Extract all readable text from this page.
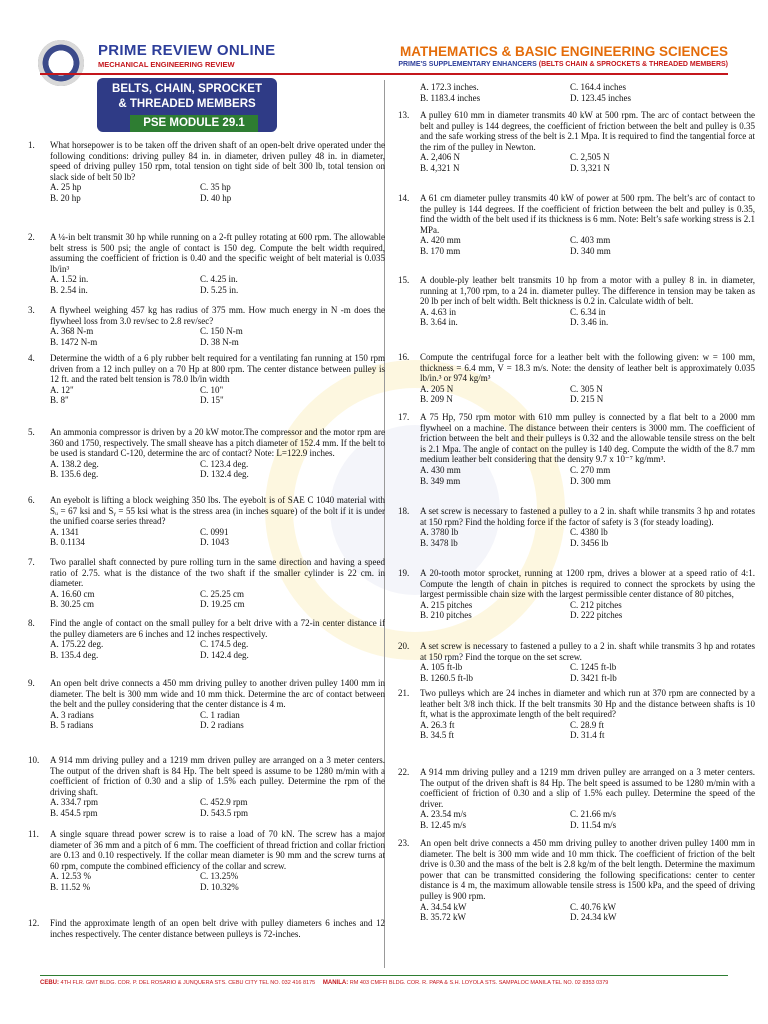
PRIME REVIEW ONLINE
MECHANICAL ENGINEERING REVIEW
MATHEMATICS & BASIC ENGINEERING SCIENCES
PRIME'S SUPPLEMENTARY ENHANCERS (BELTS CHAIN & SPROCKETS & THREADED MEMBERS)
BELTS, CHAIN, SPROCKET
& THREADED MEMBERS
PSE MODULE 29.1
1. What horsepower is to be taken off the driven shaft of an open-belt drive operated under the following conditions: driving pulley 84 in. in diameter, driven pulley 48 in. in diameter, speed of driving pulley 150 rpm, total tension on tight side of belt 300 lb, total tension on slack side of belt 50 lb?
A. 25 hp	C. 35 hp
B. 20 hp	D. 40 hp
2. A ¼-in belt transmit 30 hp while running on a 2-ft pulley rotating at 600 rpm. The allowable belt stress is 500 psi; the angle of contact is 150 deg. Compute the belt width required, assuming the coefficient of friction is 0.40 and the specific weight of belt material is 0.035 lb/in³
A. 1.52 in.	C. 4.25 in.
B. 2.54 in.	D. 5.25 in.
3. A flywheel weighing 457 kg has radius of 375 mm. How much energy in N -m does the flywheel loss from 3.0 rev/sec to 2.8 rev/sec?
A. 368 N-m	C. 150 N-m
B. 1472 N-m	D. 38 N-m
4. Determine the width of a 6 ply rubber belt required for a ventilating fan running at 150 rpm driven from a 12 inch pulley on a 70 Hp at 800 rpm. The center distance between pulley is 12 ft. and the rated belt tension is 78.0 lb/in width
A. 12"	C. 10"
B. 8"	D. 15"
5. An ammonia compressor is driven by a 20 kW motor.The compressor and the motor rpm are 360 and 1750, respectively. The small sheave has a pitch diameter of 152.4 mm. If the belt to be used is standard C-120, determine the arc of contact? Note: L=122.9 inches.
A. 138.2 deg.	C. 123.4 deg.
B. 135.6 deg.	D. 132.4 deg.
6. An eyebolt is lifting a block weighing 350 lbs. The eyebolt is of SAE C 1040 material with Sᵤ = 67 ksi and Sᵧ = 55 ksi what is the stress area (in inches square) of the bolt if it is under the unified coarse series thread?
A. 1341	C. 0991
B. 0.1134	D. 1043
7. Two parallel shaft connected by pure rolling turn in the same direction and having a speed ratio of 2.75. what is the distance of the two shaft if the smaller cylinder is 22 cm. in diameter.
A. 16.60 cm	C. 25.25 cm
B. 30.25 cm	D. 19.25 cm
8. Find the angle of contact on the small pulley for a belt drive with a 72-in center distance if the pulley diameters are 6 inches and 12 inches respectively.
A. 175.22 deg.	C. 174.5 deg.
B. 135.4 deg.	D. 142.4 deg.
9. An open belt drive connects a 450 mm driving pulley to another driven pulley 1400 mm in diameter. The belt is 300 mm wide and 10 mm thick. Determine the arc of contact between the belt and the pulley considering that the center distance is 4 m.
A. 3 radians	C. 1 radian
B. 5 radians	D. 2 radians
10. A 914 mm driving pulley and a 1219 mm driven pulley are arranged on a 3 meter centers. The output of the driven shaft is 84 Hp. The belt speed is assume to be 1280 m/min with a coefficient of friction of 0.30 and a slip of 1.5% each pulley. Determine the rpm of the driving shaft.
A. 334.7 rpm	C. 452.9 rpm
B. 454.5 rpm	D. 543.5 rpm
11. A single square thread power screw is to raise a load of 70 kN. The screw has a major diameter of 36 mm and a pitch of 6 mm. The coefficient of thread friction and collar friction are 0.13 and 0.10 respectively. If the collar mean diameter is 90 mm and the screw turns at 60 rpm, compute the combined efficiency of the collar and screw.
A. 12.53 %	C. 13.25%
B. 11.52 %	D. 10.32%
12. Find the approximate length of an open belt drive with pulley diameters 6 inches and 12 inches respectively. The center distance between pulleys is 72-inches.
A. 172.3 inches.	C. 164.4 inches
B. 1183.4 inches	D. 123.45 inches
13. A pulley 610 mm in diameter transmits 40 kW at 500 rpm. The arc of contact between the belt and pulley is 144 degrees, the coefficient of friction between the belt and pulley is 0.35 and the safe working stress of the belt is 2.1 Mpa. It is required to find the tangential force at the rim of the pulley in Newton.
A. 2,406 N	C. 2,505 N
B. 4,321 N	D. 3,321 N
14. A 61 cm diameter pulley transmits 40 kW of power at 500 rpm. The belt’s arc of contact to the pulley is 144 degrees. If the coefficient of friction between the belt and pulley is 0.35, find the width of the belt used if its thickness is 6 mm. Note: Belt’s safe working stress is 2.1 MPa.
A. 420 mm	C. 403 mm
B. 170 mm	D. 340 mm
15. A double-ply leather belt transmits 10 hp from a motor with a pulley 8 in. in diameter, running at 1,700 rpm, to a 24 in. diameter pulley. The difference in tension may be taken as 20 lb per inch of belt width. Belt thickness is 0.2 in. Calculate width of belt.
A. 4.63 in	C. 6.34 in
B. 3.64 in.	D. 3.46 in.
16. Compute the centrifugal force for a leather belt with the following given: w = 100 mm, thickness = 6.4 mm, V = 18.3 m/s. Note: the density of leather belt is approximately 0.035 lb/in.³ or 974 kg/m³
A. 205 N	C. 305 N
B. 209 N	D. 215 N
17. A 75 Hp, 750 rpm motor with 610 mm pulley is connected by a flat belt to a 2000 mm flywheel on a machine. The distance between their centers is 3000 mm. The coefficient of friction between the belt and their pulleys is 0.32 and the allowable tensile stress on the belt is 2.1 Mpa. The angle of contact on the pulley is 140 deg. Compute the width of the 8.7 mm medium leather belt considering that the density 9.7 x 10⁻⁷ kg/mm³.
A. 430 mm	C. 270 mm
B. 349 mm	D. 300 mm
18. A set screw is necessary to fastened a pulley to a 2 in. shaft while transmits 3 hp and rotates at 150 rpm? Find the holding force if the factor of safety is 3 (for steady loading).
A. 3780 lb	C. 4380 lb
B. 3478 lb	D. 3456 lb
19. A 20-tooth motor sprocket, running at 1200 rpm, drives a blower at a speed ratio of 4:1. Compute the length of chain in pitches is required to connect the sprockets by using the largest permissible chain size with the largest permissible center distance of 80 pitches,
A. 215 pitches	C. 212 pitches
B. 210 pitches	D. 222 pitches
20. A set screw is necessary to fastened a pulley to a 2 in. shaft while transmits 3 hp and rotates at 150 rpm? Find the torque on the set screw.
A. 105 ft-lb	C. 1245 ft-lb
B. 1260.5 ft-lb	D. 3421 ft-lb
21. Two pulleys which are 24 inches in diameter and which run at 370 rpm are connected by a leather belt 3/8 inch thick. If the belt transmits 30 Hp and the distance between shafts is 10 ft, what is the approximate length of the belt required?
A. 26.3 ft	C. 28.9 ft
B. 34.5 ft	D. 31.4 ft
22. A 914 mm driving pulley and a 1219 mm driven pulley are arranged on a 3 meter centers. The output of the driven shaft is 84 Hp. The belt speed is assumed to be 1280 m/min with a coefficient of friction of 0.30 and a slip of 1.5% each pulley. Determine the speed of the driver.
A. 23.54 m/s	C. 21.66 m/s
B. 12.45 m/s	D. 11.54 m/s
23. An open belt drive connects a 450 mm driving pulley to another driven pulley 1400 mm in diameter. The belt is 300 mm wide and 10 mm thick. The coefficient of friction of the belt drive is 0.30 and the mass of the belt is 2.8 kg/m of the belt length. Determine the maximum power that can be transmitted considering the following specifications: center to center distance is 4 m, the maximum allowable tensile stress is 1500 kPa, and the speed of driving pulley is 900 rpm.
A. 34.54 kW	C. 40.76 kW
B. 35.72 kW	D. 24.34 kW
CEBU: 4TH FLR. GMT BLDG. COR. P. DEL ROSARIO & JUNQUERA STS. CEBU CITY TEL NO. 032 416 8175 MANILA: RM 403 CMFFI BLDG. COR. R. PAPA & S.H. LOYOLA STS. SAMPALOC MANILA TEL NO. 02 8353 0379
